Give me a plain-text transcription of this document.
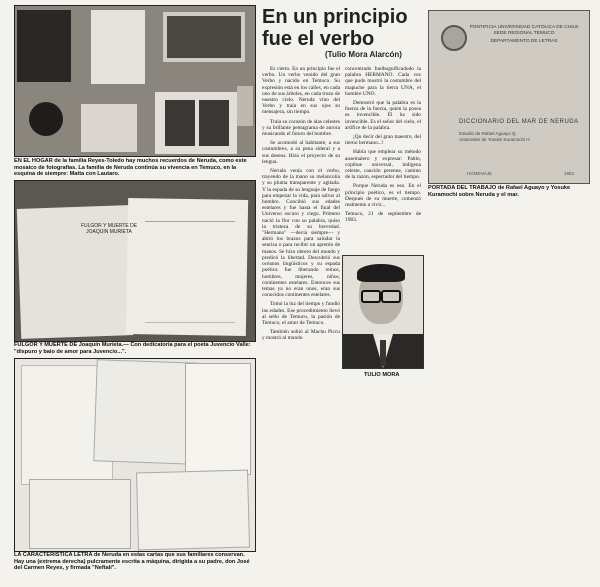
EN EL HOGAR de la familia Reyes-Toledo hay muchos recuerdos de Neruda, como este mosaico de fotografías. La familia de Neruda continúa su vivencia en Temuco, en la esquina de siempre: Matta con Lautaro.
FULGOR Y MUERTE DE JOAQUIN MURIETA
FULGOR Y MUERTE DE Joaquín Murieta.— Con dedicatoria para el poeta Juvencio Valle: "dispuro y baio de amor para Juvencio...".
LA CARACTERISTICA LETRA de Neruda en estas cartas que sus familiares conservan. Hay una (extrema derecha) pulcramente escrita a máquina, dirigida a su padre, don José del Carmen Reyes, y firmada "Neftalí".
En un principio fue el verbo
(Tulio Mora Alarcón)

Es cierto. En un principio fue el verbo. Un verbo venido del gran Verbo y nacido en Temuco. Su expresión está en los calles, en cada uno de sus árboles, en cada trozo de nuestro cielo. Neruda vino del Verbo y traía en sus ojos su mensajera, sin tiempo.

Traía su corazón de alas celestes y su brillante pentagrama de aurora musicando el futuro del hombre.

Se acomodó al habitante, a sus costumbres, a su pena sideral y a sus deseos. Hizo el proyecto de su lengua.

Neruda venía con el verbo, trayendo de la mano su melancolía y su pluma transparente y agitada. Y la espada de su lenguaje de fuego para empezar la vida, para salvar al hombre. Concibió sus edades estelares y fue hasta el final del Universo oscuro y ciego. Primero nació la flor con su palabra, quiso la tristeza de su brevedad. "Hermano" —decía siempre— y abrió los brazos para saludar la senrisa o para recibir un apretón de manos. Se hizo obrero del mundo y predicó la libertad. Descubrió sus océanos lingüísticos y su espada poética fue liberando reinos, hombres, mujeres, niños, continentes estelares. Entonces sus temas ya no eran unos, eran sus conocidos continentes estelares.

Tomó la luz del tiempo y fundió las edades. Ese procedimiento llevó al sello de Temuco, la pasión de Temuco, el amor de Temuco.

También subió al Machu Piccu y mostró al mundo

concentrado fuelhoguificadodo la palabra HERMANO. Cada vez que pudo mostró la costumbre del mapuche para la tierra UNA, el hombre UNO.

Demostró que la palabra es la fuerza de la fuerza, quien la posea es invencible. Él ha sido invencible. Es el señor del cielo, el artífice de la palabra.

¡Qu decir del gran maestro, del tierno hermano...!

Había que emplear su método ansemalero y expresar: Pablo, copihue universal, indígena celeste, canción perenne, camino de la razón, espectador del tiempo.

Porque Neruda es eso. En el principio poético, es el tiempo. Después de su muerte, comenzó realmente a vivir...

Temuco, 21 de septiembre de 1983.

TULIO MORA
PONTIFICIA UNIVERSIDAD CATOLICA DE CHILE
SEDE REGIONAL TEMUCO
DEPARTAMENTO DE LETRAS
DICCIONARIO DEL MAR DE NERUDA
Estudio de Rafael Aguayo Q.
Antecedes de Yosuke Kuramochi H.
HOMENAJE	1983
PORTADA DEL TRABAJO de Rafael Aguayo y Yosuke Kuramochi sobre Neruda y el mar.
